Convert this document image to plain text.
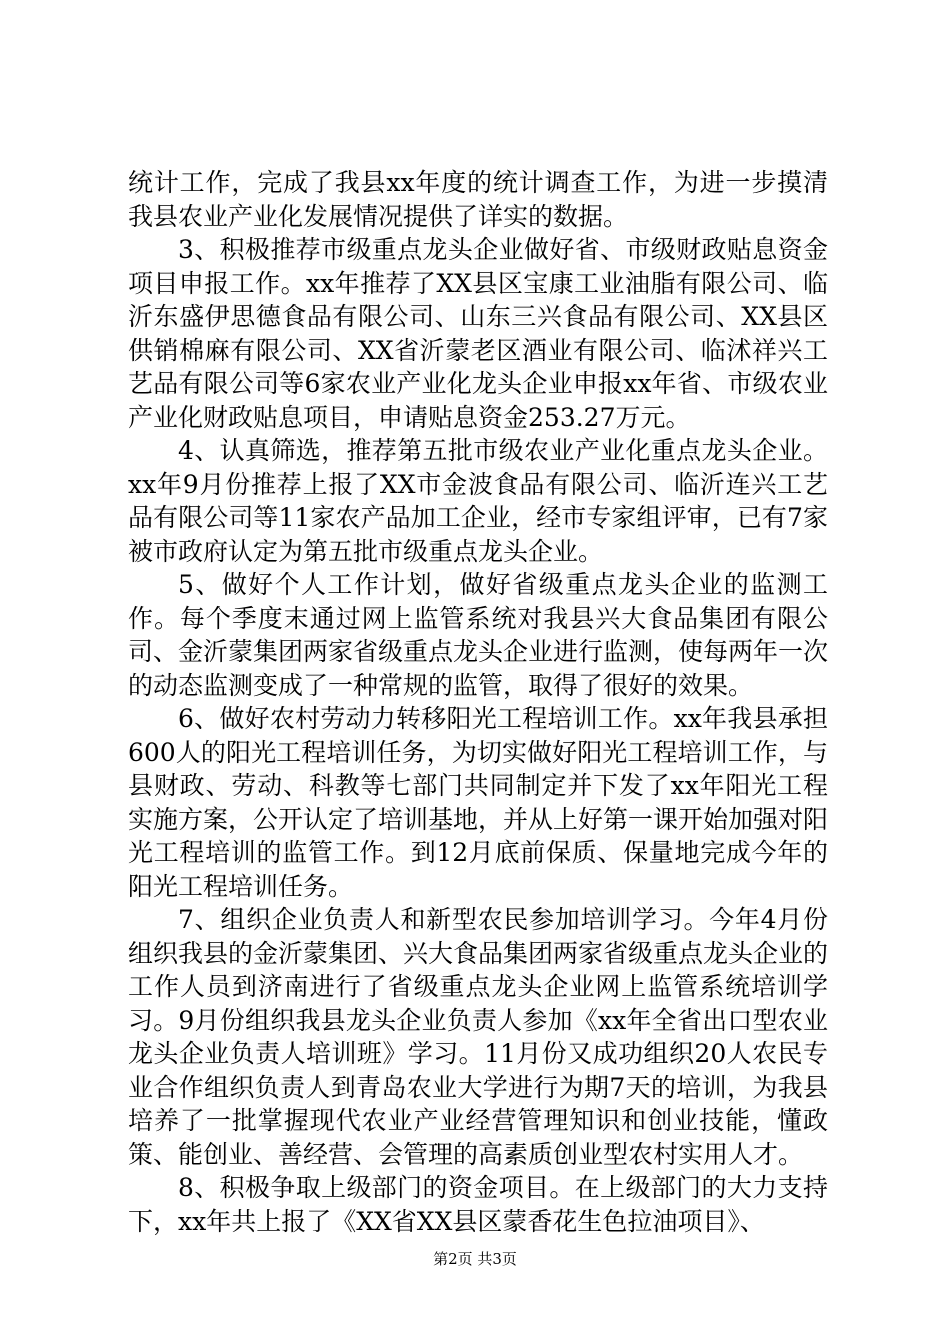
统计工作，完成了我县xx年度的统计调查工作，为进一步摸清我县农业产业化发展情况提供了详实的数据。

3、积极推荐市级重点龙头企业做好省、市级财政贴息资金项目申报工作。xx年推荐了XX县区宝康工业油脂有限公司、临沂东盛伊思德食品有限公司、山东三兴食品有限公司、XX县区供销棉麻有限公司、XX省沂蒙老区酒业有限公司、临沭祥兴工艺品有限公司等6家农业产业化龙头企业申报xx年省、市级农业产业化财政贴息项目，申请贴息资金253.27万元。

4、认真筛选，推荐第五批市级农业产业化重点龙头企业。xx年9月份推荐上报了XX市金波食品有限公司、临沂连兴工艺品有限公司等11家农产品加工企业，经市专家组评审，已有7家被市政府认定为第五批市级重点龙头企业。

5、做好个人工作计划，做好省级重点龙头企业的监测工作。每个季度末通过网上监管系统对我县兴大食品集团有限公司、金沂蒙集团两家省级重点龙头企业进行监测，使每两年一次的动态监测变成了一种常规的监管，取得了很好的效果。

6、做好农村劳动力转移阳光工程培训工作。xx年我县承担600人的阳光工程培训任务，为切实做好阳光工程培训工作，与县财政、劳动、科教等七部门共同制定并下发了xx年阳光工程实施方案，公开认定了培训基地，并从上好第一课开始加强对阳光工程培训的监管工作。到12月底前保质、保量地完成今年的阳光工程培训任务。

7、组织企业负责人和新型农民参加培训学习。今年4月份组织我县的金沂蒙集团、兴大食品集团两家省级重点龙头企业的工作人员到济南进行了省级重点龙头企业网上监管系统培训学习。9月份组织我县龙头企业负责人参加《xx年全省出口型农业龙头企业负责人培训班》学习。11月份又成功组织20人农民专业合作组织负责人到青岛农业大学进行为期7天的培训，为我县培养了一批掌握现代农业产业经营管理知识和创业技能，懂政策、能创业、善经营、会管理的高素质创业型农村实用人才。

8、积极争取上级部门的资金项目。在上级部门的大力支持下，xx年共上报了《XX省XX县区蒙香花生色拉油项目》、

第2页 共3页
